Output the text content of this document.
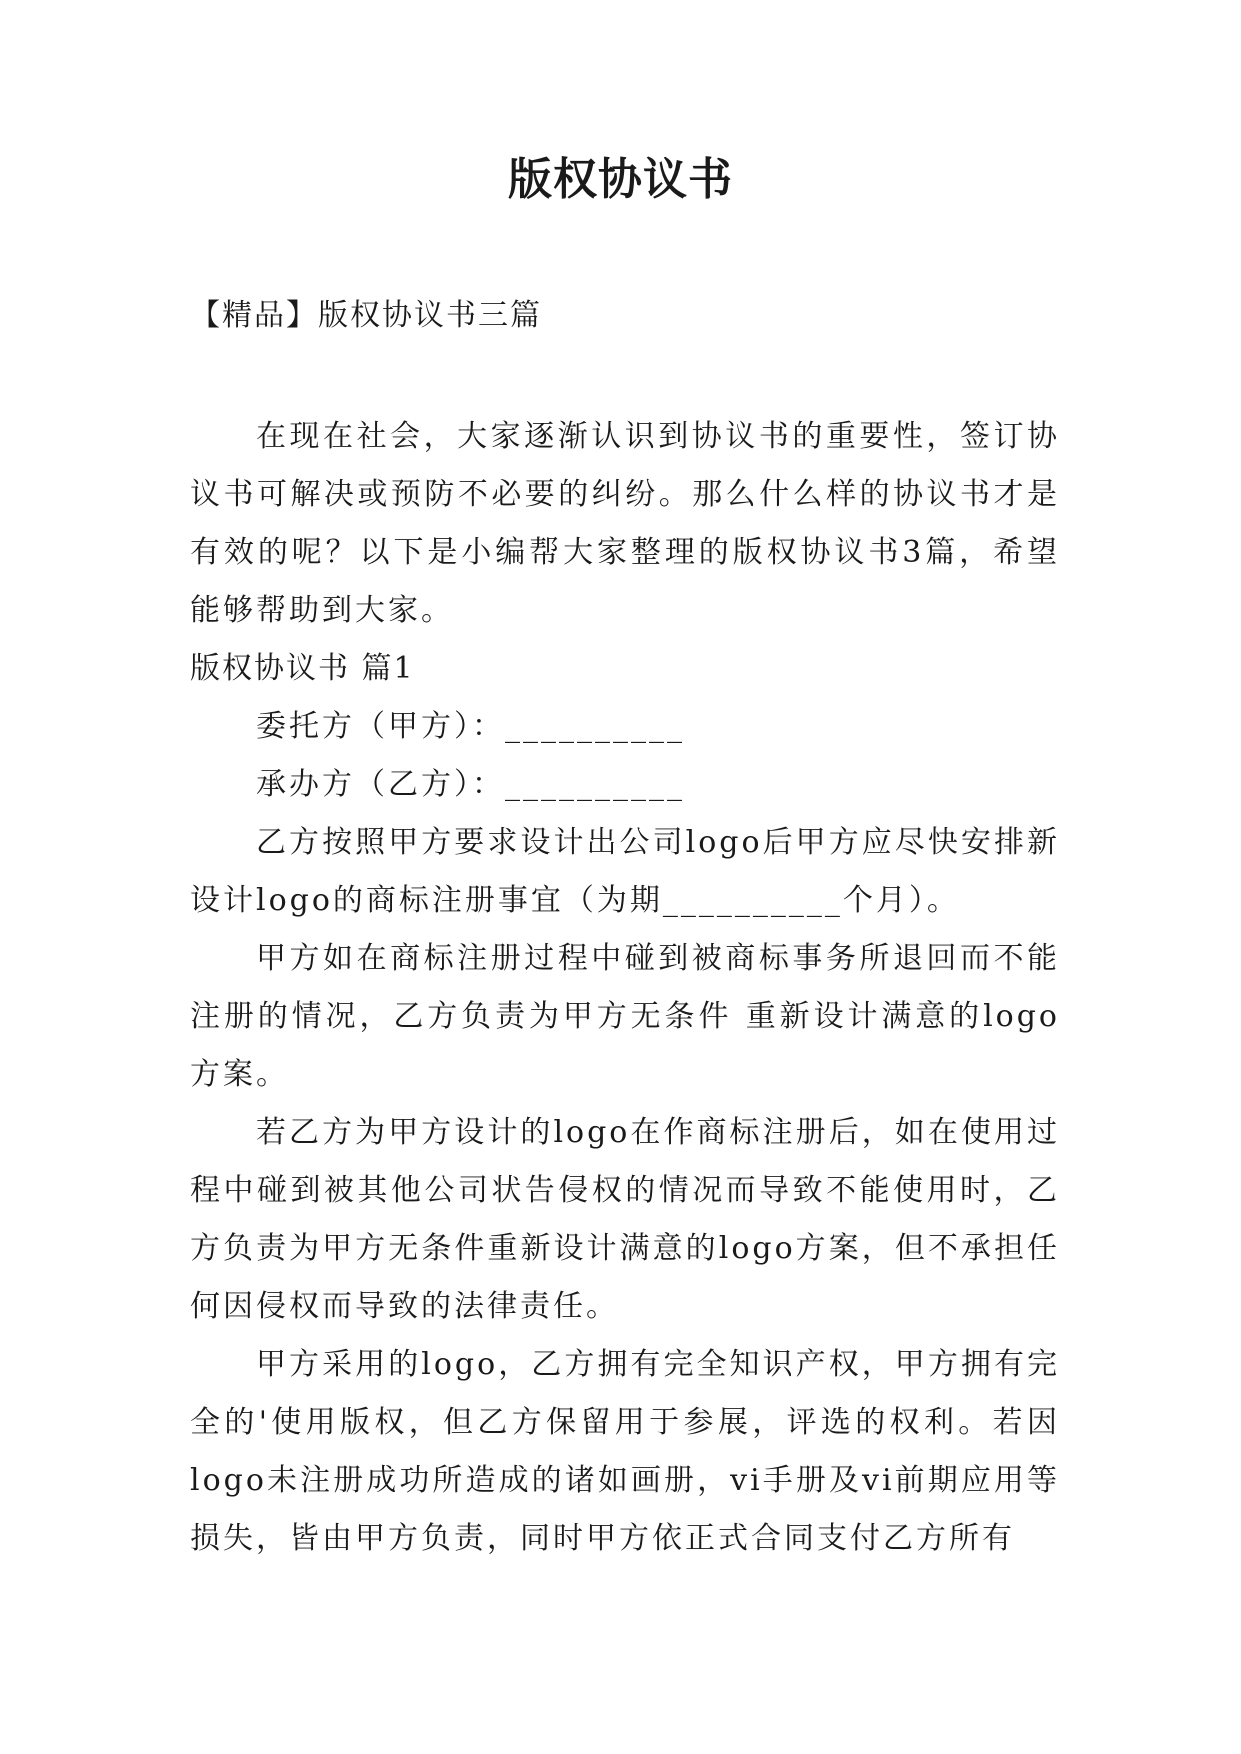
版权协议书
【精品】版权协议书三篇

在现在社会，大家逐渐认识到协议书的重要性，签订协议书可解决或预防不必要的纠纷。那么什么样的协议书才是有效的呢？以下是小编帮大家整理的版权协议书3篇，希望能够帮助到大家。

版权协议书 篇1

委托方（甲方）：__________

承办方（乙方）：__________

乙方按照甲方要求设计出公司logo后甲方应尽快安排新设计logo的商标注册事宜（为期__________个月）。

甲方如在商标注册过程中碰到被商标事务所退回而不能注册的情况，乙方负责为甲方无条件 重新设计满意的logo方案。

若乙方为甲方设计的logo在作商标注册后，如在使用过程中碰到被其他公司状告侵权的情况而导致不能使用时，乙方负责为甲方无条件重新设计满意的logo方案，但不承担任何因侵权而导致的法律责任。

甲方采用的logo，乙方拥有完全知识产权，甲方拥有完全的'使用版权，但乙方保留用于参展，评选的权利。若因logo未注册成功所造成的诸如画册，vi手册及vi前期应用等损失，皆由甲方负责，同时甲方依正式合同支付乙方所有
